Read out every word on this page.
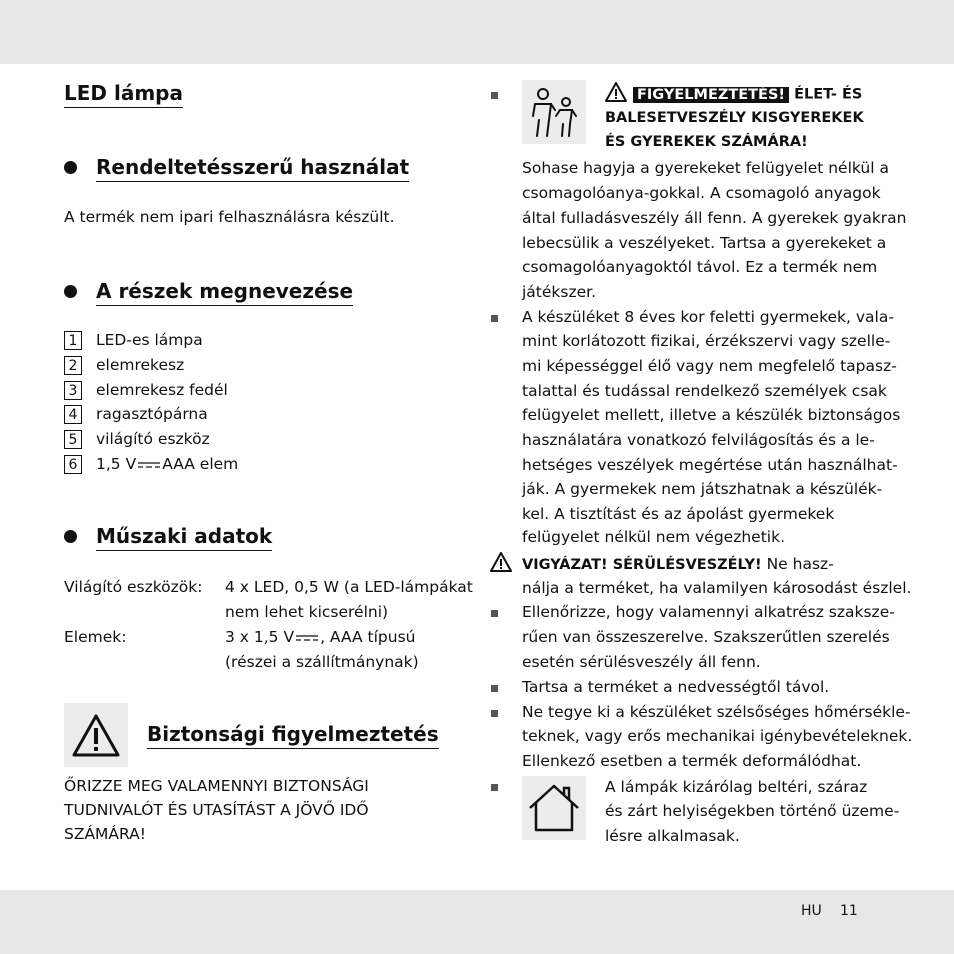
LED lámpa
Rendeltetésszerű használat
A termék nem ipari felhasználásra készült.
A részek megnevezése
1 LED-es lámpa
2 elemrekesz
3 elemrekesz fedél
4 ragasztópárna
5 világító eszköz
6 1,5 V AAA elem
Műszaki adatok
Világító eszközök: 4 x LED, 0,5 W (a LED-lámpákat
nem lehet kicserélni)
Elemek:	3 x 1,5 V , AAA típusú
(részei a szállítmánynak)
Biztonsági figyelmeztetés
ŐRIZZE MEG VALAMENNYI BIZTONSÁGI
TUDNIVALÓT ÉS UTASÍTÁST A JÖVŐ IDŐ
SZÁMÁRA!
FIGYELMEZTETÉS! ÉLET- ÉS
BALESETVESZÉLY KISGYEREKEK
ÉS GYEREKEK SZÁMÁRA!
Sohase hagyja a gyerekeket felügyelet nélkül a
csomagolóanya-gokkal. A csomagoló anyagok
által fulladásveszély áll fenn. A gyerekek gyakran
lebecsülik a veszélyeket. Tartsa a gyerekeket a
csomagolóanyagoktól távol. Ez a termék nem
játékszer.
A készüléket 8 éves kor feletti gyermekek, vala-
mint korlátozott fizikai, érzékszervi vagy szelle-
mi képességgel élő vagy nem megfelelő tapasz-
talattal és tudással rendelkező személyek csak
felügyelet mellett, illetve a készülék biztonságos
használatára vonatkozó felvilágosítás és a le-
hetséges veszélyek megértése után használhat-
ják. A gyermekek nem játszhatnak a készülék-
kel. A tisztítást és az ápolást gyermekek
felügyelet nélkül nem végezhetik.
VIGYÁZAT! SÉRÜLÉSVESZÉLY! Ne hasz-
nálja a terméket, ha valamilyen károsodást észlel.
Ellenőrizze, hogy valamennyi alkatrész szaksze-
rűen van összeszerelve. Szakszerűtlen szerelés
esetén sérülésveszély áll fenn.
Tartsa a terméket a nedvességtől távol.
Ne tegye ki a készüléket szélsőséges hőmérsékle-
teknek, vagy erős mechanikai igénybevételeknek.
Ellenkező esetben a termék deformálódhat.
A lámpák kizárólag beltéri, száraz
és zárt helyiségekben történő üzeme-
lésre alkalmasak.
HU 11
